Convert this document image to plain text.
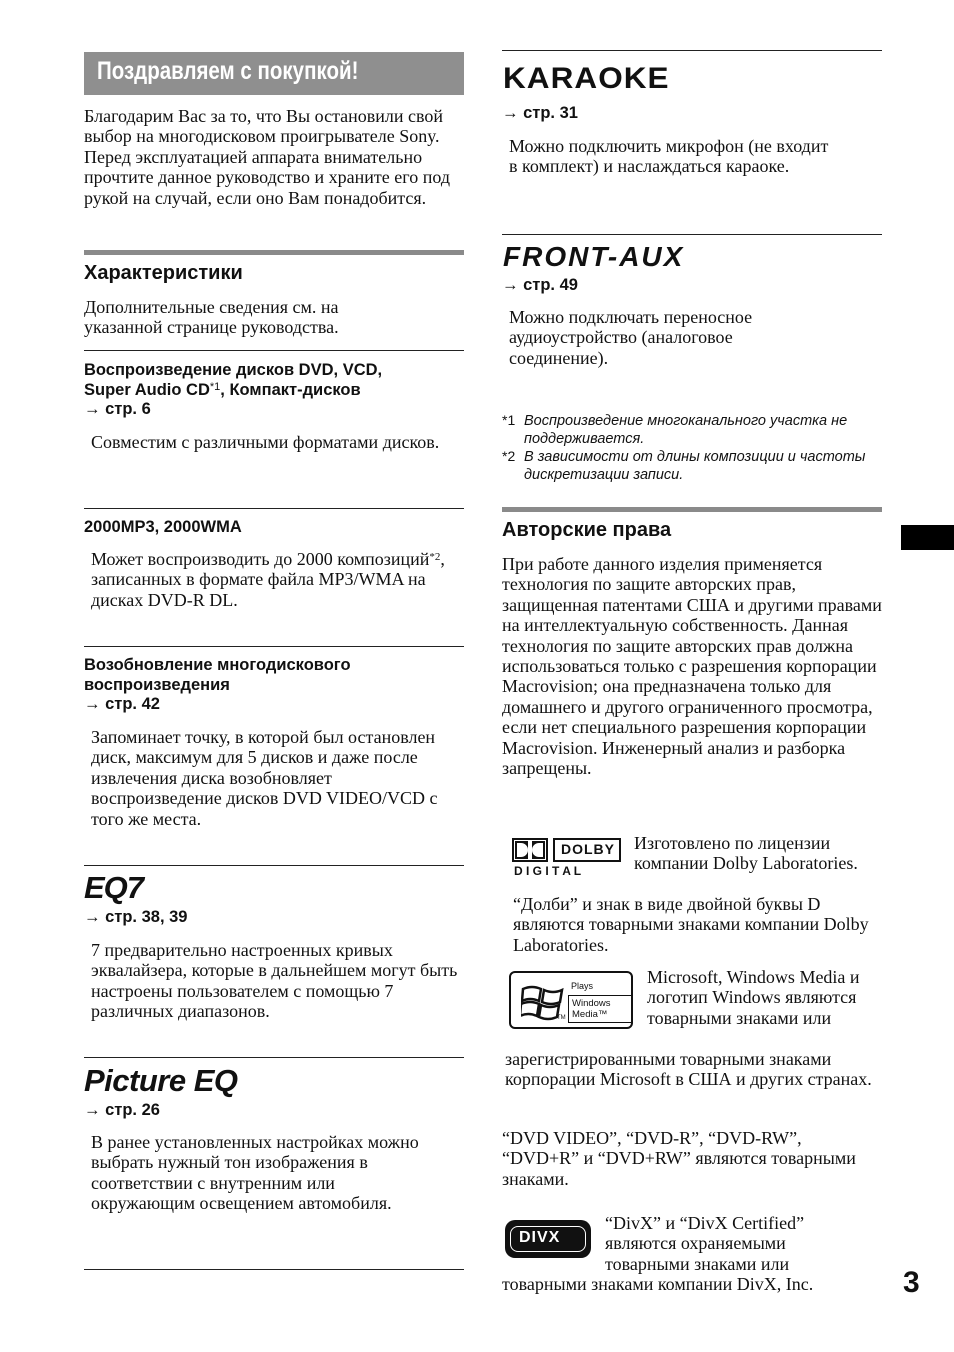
Поздравляем с покупкой!
Благодарим Вас за то, что Вы остановили свой выбор на многодисковом проигрывателе Sony. Перед эксплуатацией аппарата внимательно прочтите данное руководство и храните его под рукой на случай, если оно Вам понадобится.
Характеристики
Дополнительные сведения см. на указанной странице руководства.
Воспроизведение дисков DVD, VCD,
Super Audio CD$^{*1}$, Компакт-дисков
→ стр. 6
Совместим с различными форматами дисков.
2000MP3, 2000WMA
Может воспроизводить до 2000 композиций$^{*2}$, записанных в формате файла MP3/WMA на дисках DVD-R DL.
Возобновление многодискового воспроизведения
→ стр. 42
Запоминает точку, в которой был остановлен диск, максимум для 5 дисков и даже после извлечения диска возобновляет воспроизведение дисков DVD VIDEO/VCD с того же места.
EQ7
→ стр. 38, 39
7 предварительно настроенных кривых эквалайзера, которые в дальнейшем могут быть настроены пользователем с помощью 7 различных диапазонов.
Picture EQ
→ стр. 26
В ранее установленных настройках можно выбрать нужный тон изображения в соответствии с внутренним или окружающим освещением автомобиля.
KARAOKE
→ стр. 31
Можно подключить микрофон (не входит в комплект) и наслаждаться караоке.
FRONT-AUX
→ стр. 49
Можно подключать переносное аудиоустройство (аналоговое соединение).
*1 Воспроизведение многоканального участка не поддерживается.
*2 В зависимости от длины композиции и частоты дискретизации записи.
Авторские права
При работе данного изделия применяется технология по защите авторских прав, защищенная патентами США и другими правами на интеллектуальную собственность. Данная технология по защите авторских прав должна использоваться только с разрешения корпорации Macrovision; она предназначена только для домашнего и другого ограниченного просмотра, если нет специального разрешения корпорации Macrovision. Инженерный анализ и разборка запрещены.
DOLBY
D I G I T A L
Изготовлено по лицензии компании Dolby Laboratories.
“Долби” и знак в виде двойной буквы D являются товарными знаками компании Dolby Laboratories.
Plays
Windows Media™
TM
Microsoft, Windows Media и логотип Windows являются товарными знаками или
зарегистрированными товарными знаками корпорации Microsoft в США и других странах.
“DVD VIDEO”, “DVD-R”, “DVD-RW”, “DVD+R” и “DVD+RW” являются товарными знаками.
DIVX
“DivX” и “DivX Certified” являются охраняемыми товарными знаками или
товарными знаками компании DivX, Inc.	3
